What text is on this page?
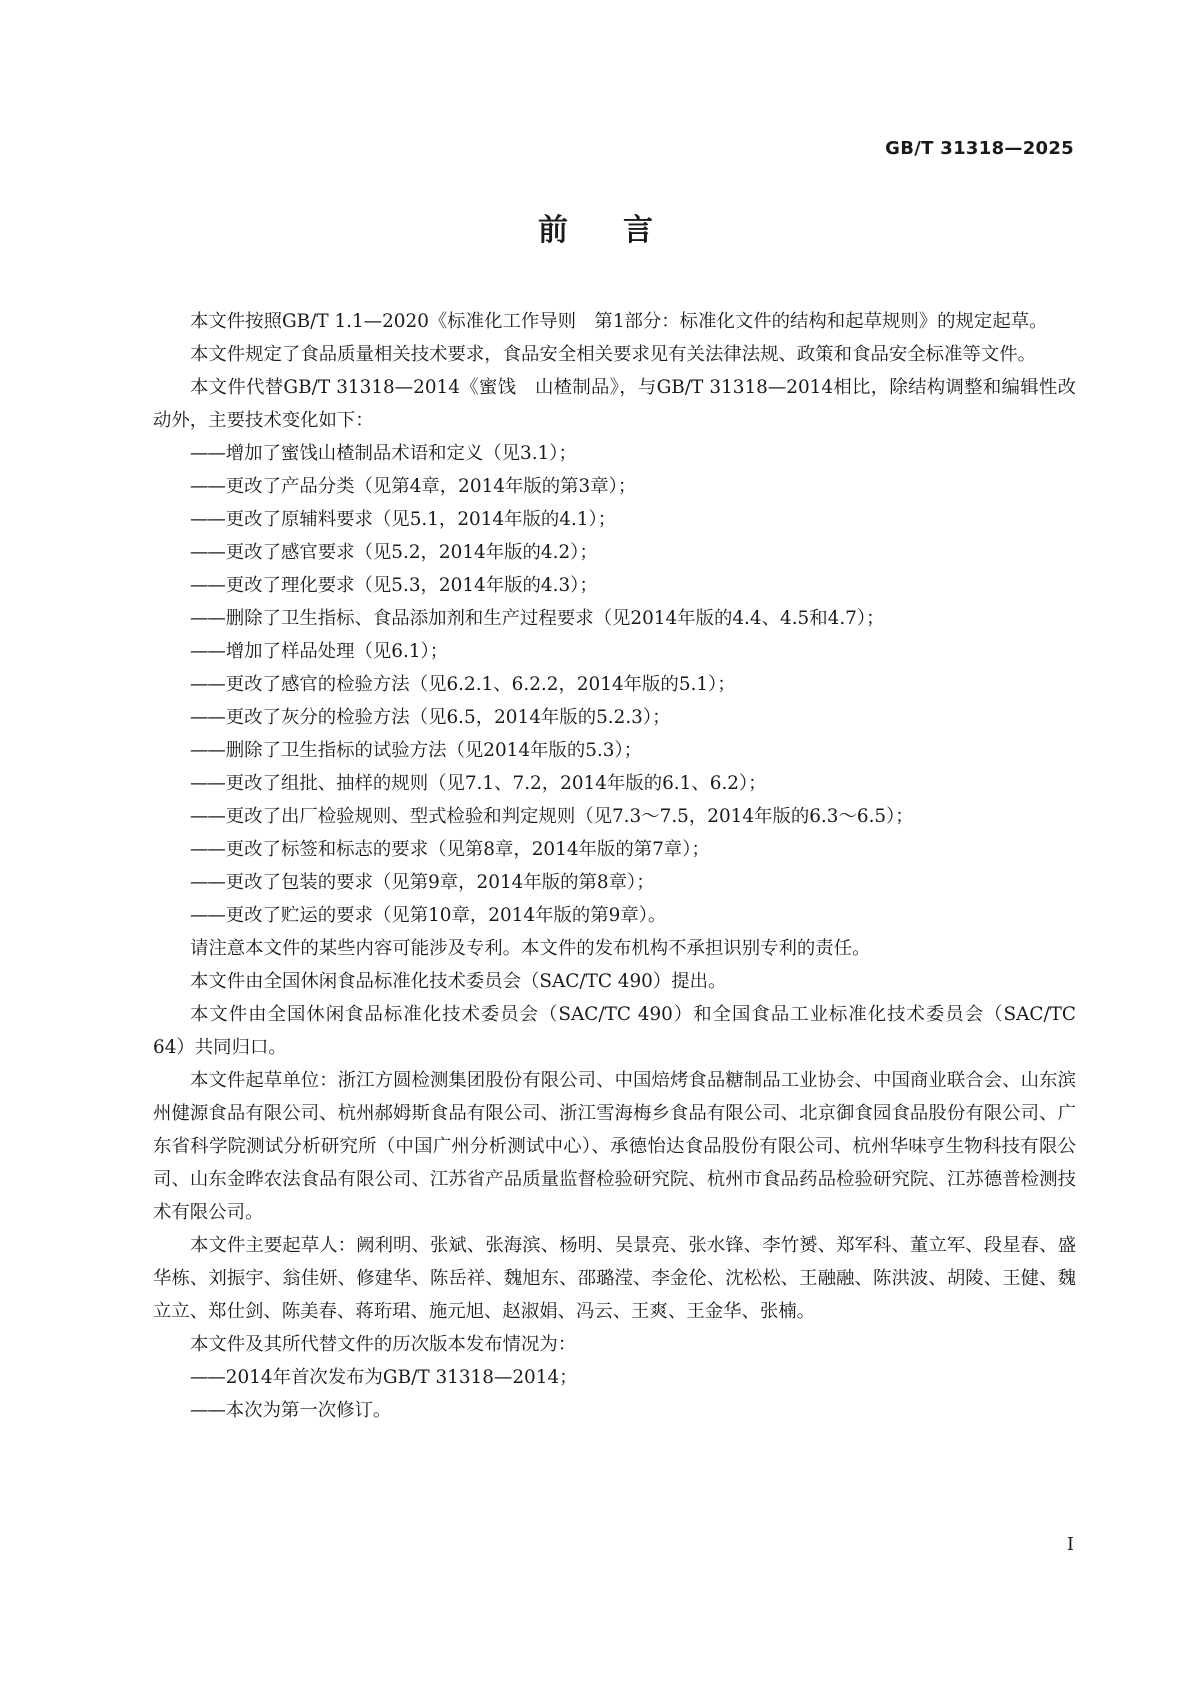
GB/T 31318—2025
前言

本文件按照GB/T 1.1—2020《标准化工作导则　第1部分：标准化文件的结构和起草规则》的规定起草。

本文件规定了食品质量相关技术要求，食品安全相关要求见有关法律法规、政策和食品安全标准等文件。

本文件代替GB/T 31318—2014《蜜饯　山楂制品》，与GB/T 31318—2014相比，除结构调整和编辑性改动外，主要技术变化如下：

—— 增加了蜜饯山楂制品术语和定义（见3.1）；

—— 更改了产品分类（见第4章，2014年版的第3章）；

—— 更改了原辅料要求（见5.1，2014年版的4.1）；

—— 更改了感官要求（见5.2，2014年版的4.2）；

—— 更改了理化要求（见5.3，2014年版的4.3）；

—— 删除了卫生指标、食品添加剂和生产过程要求（见2014年版的4.4、4.5和4.7）；

—— 增加了样品处理（见6.1）；

—— 更改了感官的检验方法（见6.2.1、6.2.2，2014年版的5.1）；

—— 更改了灰分的检验方法（见6.5，2014年版的5.2.3）；

—— 删除了卫生指标的试验方法（见2014年版的5.3）；

—— 更改了组批、抽样的规则（见7.1、7.2，2014年版的6.1、6.2）；

—— 更改了出厂检验规则、型式检验和判定规则（见7.3～7.5，2014年版的6.3～6.5）；

—— 更改了标签和标志的要求（见第8章，2014年版的第7章）；

—— 更改了包装的要求（见第9章，2014年版的第8章）；

—— 更改了贮运的要求（见第10章，2014年版的第9章）。

请注意本文件的某些内容可能涉及专利。本文件的发布机构不承担识别专利的责任。

本文件由全国休闲食品标准化技术委员会（SAC/TC 490）提出。

本文件由全国休闲食品标准化技术委员会（SAC/TC 490）和全国食品工业标准化技术委员会（SAC/TC 64）共同归口。

本文件起草单位：浙江方圆检测集团股份有限公司、中国焙烤食品糖制品工业协会、中国商业联合会、山东滨州健源食品有限公司、杭州郝姆斯食品有限公司、浙江雪海梅乡食品有限公司、北京御食园食品股份有限公司、广东省科学院测试分析研究所（中国广州分析测试中心）、承德怡达食品股份有限公司、杭州华味亨生物科技有限公司、山东金晔农法食品有限公司、江苏省产品质量监督检验研究院、杭州市食品药品检验研究院、江苏德普检测技术有限公司。

本文件主要起草人：阙利明、张斌、张海滨、杨明、吴景亮、张水锋、李竹赟、郑军科、董立军、段星春、盛华栋、刘振宇、翁佳妍、修建华、陈岳祥、魏旭东、邵璐滢、李金伦、沈松松、王融融、陈洪波、胡陵、王健、魏立立、郑仕剑、陈美春、蒋珩珺、施元旭、赵淑娟、冯云、王爽、王金华、张楠。

本文件及其所代替文件的历次版本发布情况为：

—— 2014年首次发布为GB/T 31318—2014；

—— 本次为第一次修订。

I
